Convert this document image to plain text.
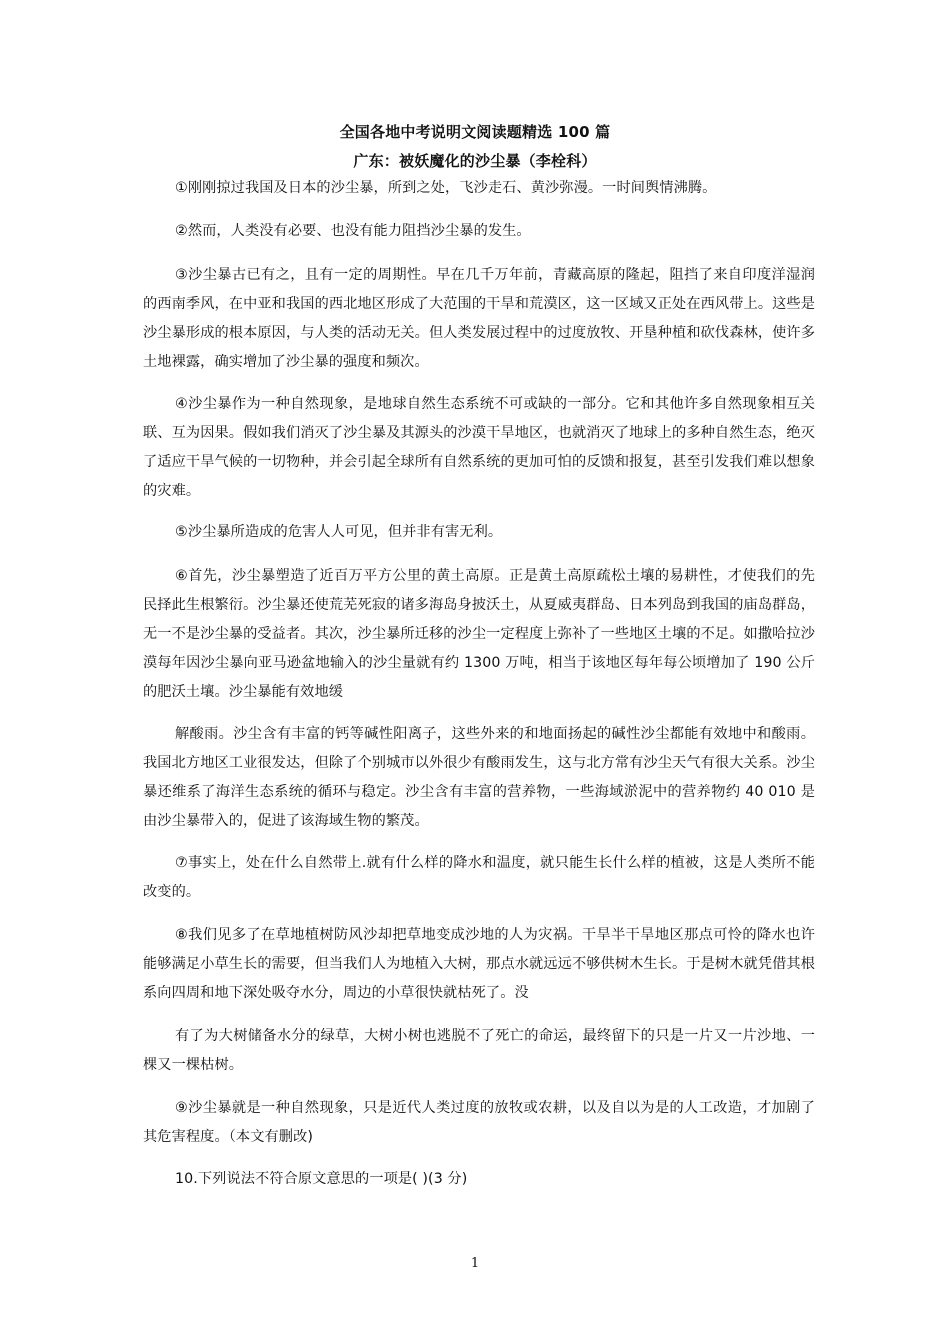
全国各地中考说明文阅读题精选 100 篇
广东：被妖魔化的沙尘暴（李栓科）
①刚刚掠过我国及日本的沙尘暴，所到之处，飞沙走石、黄沙弥漫。一时间舆情沸腾。
②然而，人类没有必要、也没有能力阻挡沙尘暴的发生。
③沙尘暴古已有之，且有一定的周期性。早在几千万年前，青藏高原的隆起，阻挡了来自印度洋湿润的西南季风，在中亚和我国的西北地区形成了大范围的干旱和荒漠区，这一区域又正处在西风带上。这些是沙尘暴形成的根本原因，与人类的活动无关。但人类发展过程中的过度放牧、开垦种植和砍伐森林，使许多土地裸露，确实增加了沙尘暴的强度和频次。
④沙尘暴作为一种自然现象，是地球自然生态系统不可或缺的一部分。它和其他许多自然现象相互关联、互为因果。假如我们消灭了沙尘暴及其源头的沙漠干旱地区，也就消灭了地球上的多种自然生态，绝灭了适应干旱气候的一切物种，并会引起全球所有自然系统的更加可怕的反馈和报复，甚至引发我们难以想象的灾难。
⑤沙尘暴所造成的危害人人可见，但并非有害无利。
⑥首先，沙尘暴塑造了近百万平方公里的黄土高原。正是黄土高原疏松土壤的易耕性，才使我们的先民择此生根繁衍。沙尘暴还使荒芜死寂的诸多海岛身披沃土，从夏威夷群岛、日本列岛到我国的庙岛群岛，无一不是沙尘暴的受益者。其次，沙尘暴所迁移的沙尘一定程度上弥补了一些地区土壤的不足。如撒哈拉沙漠每年因沙尘暴向亚马逊盆地输入的沙尘量就有约 1300 万吨，相当于该地区每年每公顷增加了 190 公斤的肥沃土壤。沙尘暴能有效地缓
解酸雨。沙尘含有丰富的钙等碱性阳离子，这些外来的和地面扬起的碱性沙尘都能有效地中和酸雨。我国北方地区工业很发达，但除了个别城市以外很少有酸雨发生，这与北方常有沙尘天气有很大关系。沙尘暴还维系了海洋生态系统的循环与稳定。沙尘含有丰富的营养物，一些海域淤泥中的营养物约 40 010 是由沙尘暴带入的，促进了该海域生物的繁茂。
⑦事实上，处在什么自然带上.就有什么样的降水和温度，就只能生长什么样的植被，这是人类所不能改变的。
⑧我们见多了在草地植树防风沙却把草地变成沙地的人为灾祸。干旱半干旱地区那点可怜的降水也许能够满足小草生长的需要，但当我们人为地植入大树，那点水就远远不够供树木生长。于是树木就凭借其根系向四周和地下深处吸夺水分，周边的小草很快就枯死了。没
有了为大树储备水分的绿草，大树小树也逃脱不了死亡的命运，最终留下的只是一片又一片沙地、一棵又一棵枯树。
⑨沙尘暴就是一种自然现象，只是近代人类过度的放牧或农耕，以及自以为是的人工改造，才加剧了其危害程度。（本文有删改)
10.下列说法不符合原文意思的一项是( )(3 分)
1
